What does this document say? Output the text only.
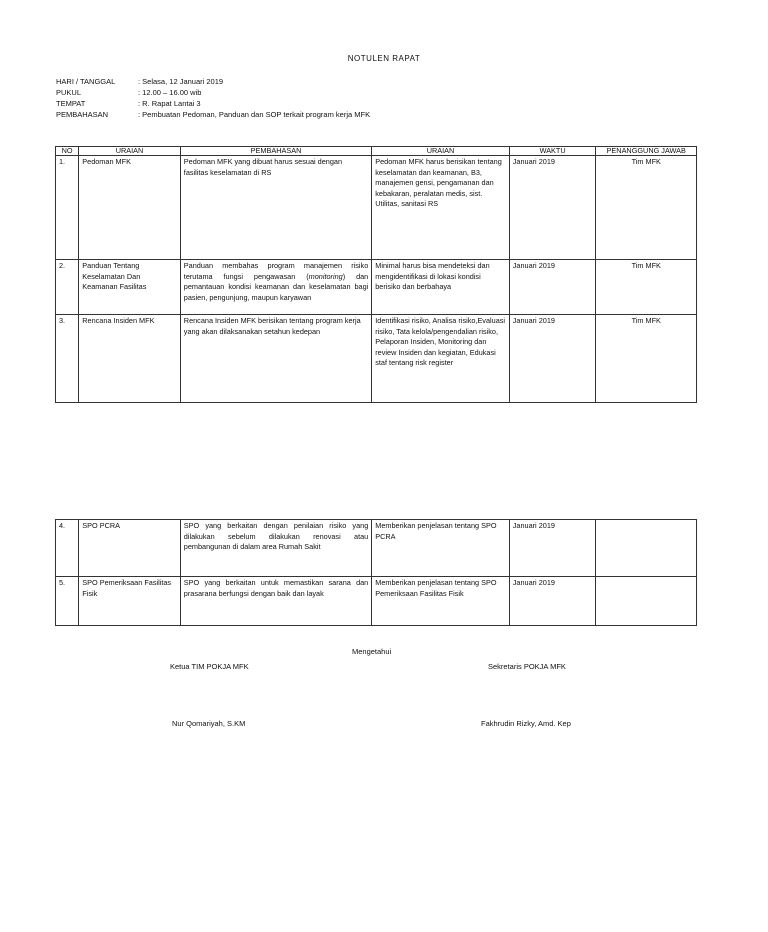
NOTULEN RAPAT
HARI / TANGGAL	: Selasa, 12 Januari 2019
PUKUL	: 12.00 – 16.00 wib
TEMPAT	: R. Rapat Lantai 3
PEMBAHASAN	: Pembuatan Pedoman, Panduan dan SOP terkait program kerja MFK
NO	URAIAN	PEMBAHASAN	URAIAN	WAKTU	PENANGGUNG JAWAB
1.	Pedoman MFK	Pedoman MFK yang dibuat harus sesuai dengan fasilitas keselamatan di RS	Pedoman MFK harus berisikan tentang keselamatan dan keamanan, B3, manajemen gensi, pengamanan dan kebakaran, peralatan medis, sist. Utilitas, sanitasi RS	Januari 2019	Tim MFK
2.	Panduan Tentang Keselamatan Dan Keamanan Fasilitas	Panduan membahas program manajemen risiko terutama fungsi pengawasan (monitoring) dan pemantauan kondisi keamanan dan keselamatan bagi pasien, pengunjung, maupun karyawan	Minimal harus bisa mendeteksi dan mengidentifikasi di lokasi kondisi berisiko dan berbahaya	Januari 2019	Tim MFK
3.	Rencana Insiden MFK	Rencana Insiden MFK berisikan tentang program kerja yang akan dilaksanakan setahun kedepan	Identifikasi risiko, Analisa risiko,Evaluasi risiko, Tata kelola/pengendalian risiko, Pelaporan Insiden, Monitoring dan review Insiden dan kegiatan, Edukasi staf tentang risk register	Januari 2019	Tim MFK
4.	SPO PCRA	SPO yang berkaitan dengan penilaian risiko yang dilakukan sebelum dilakukan renovasi atau pembangunan di dalam area Rumah Sakit	Memberikan penjelasan tentang SPO PCRA	Januari 2019	
5.	SPO Pemeriksaan Fasilitas Fisik	SPO yang berkaitan untuk memastikan sarana dan prasarana berfungsi dengan baik dan layak	Memberikan penjelasan tentang SPO Pemeriksaan Fasilitas Fisik	Januari 2019	
Mengetahui
Ketua TIM POKJA MFK	Sekretaris POKJA MFK
Nur Qomariyah, S.KM	Fakhrudin Rizky, Amd. Kep
